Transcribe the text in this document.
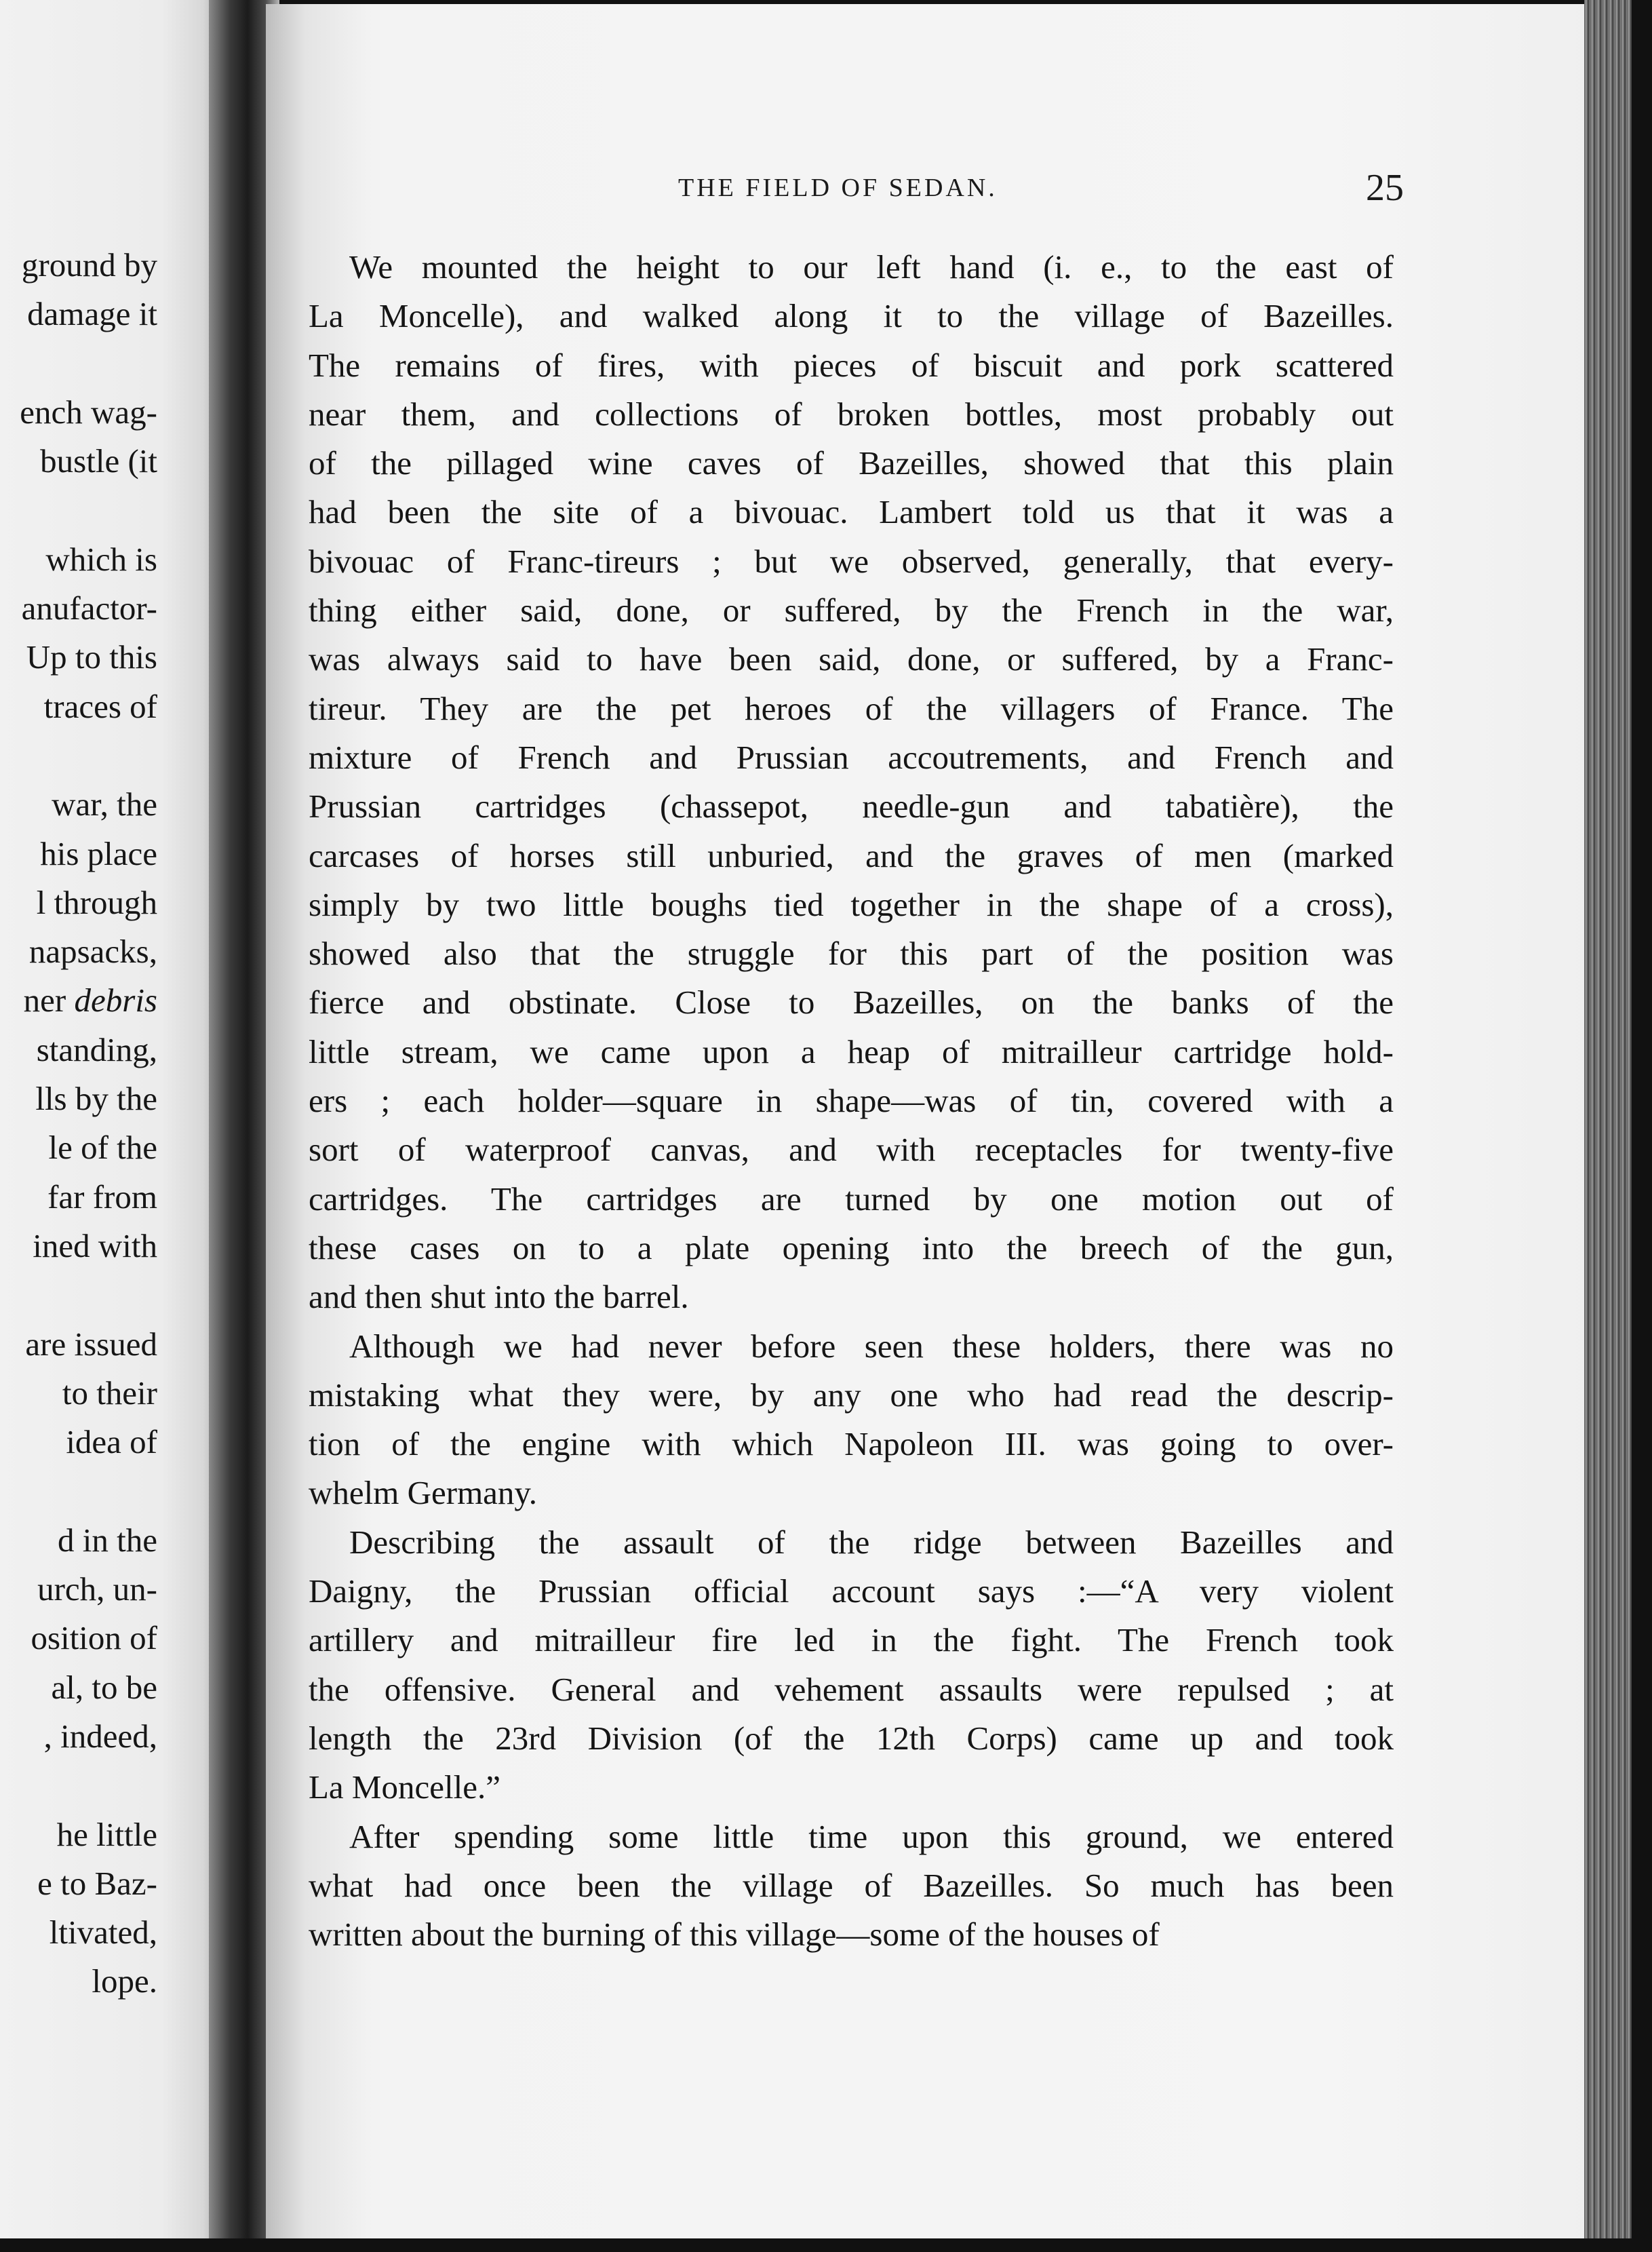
ground by
damage it
ench wag-
bustle (it
which is
anufactor-
Up to this
traces of
war, the
his place
l through
napsacks,
ner debris
standing,
lls by the
le of the
far from
ined with
are issued
to their
idea of
d in the
urch, un-
osition of
al, to be
, indeed,
he little
e to Baz-
ltivated,
lope.
THE FIELD OF SEDAN.	25
We mounted the height to our left hand (i. e., to the east of
La Moncelle), and walked along it to the village of Bazeilles.
The remains of fires, with pieces of biscuit and pork scattered
near them, and collections of broken bottles, most probably out
of the pillaged wine caves of Bazeilles, showed that this plain
had been the site of a bivouac. Lambert told us that it was a
bivouac of Franc-tireurs ; but we observed, generally, that every-
thing either said, done, or suffered, by the French in the war,
was always said to have been said, done, or suffered, by a Franc-
tireur. They are the pet heroes of the villagers of France. The
mixture of French and Prussian accoutrements, and French and
Prussian cartridges (chassepot, needle-gun and tabatière), the
carcases of horses still unburied, and the graves of men (marked
simply by two little boughs tied together in the shape of a cross),
showed also that the struggle for this part of the position was
fierce and obstinate. Close to Bazeilles, on the banks of the
little stream, we came upon a heap of mitrailleur cartridge hold-
ers ; each holder—square in shape—was of tin, covered with a
sort of waterproof canvas, and with receptacles for twenty-five
cartridges. The cartridges are turned by one motion out of
these cases on to a plate opening into the breech of the gun,
and then shut into the barrel.
Although we had never before seen these holders, there was no
mistaking what they were, by any one who had read the descrip-
tion of the engine with which Napoleon III. was going to over-
whelm Germany.
Describing the assault of the ridge between Bazeilles and
Daigny, the Prussian official account says :—“A very violent
artillery and mitrailleur fire led in the fight. The French took
the offensive. General and vehement assaults were repulsed ; at
length the 23rd Division (of the 12th Corps) came up and took
La Moncelle.”
After spending some little time upon this ground, we entered
what had once been the village of Bazeilles. So much has been
written about the burning of this village—some of the houses of
